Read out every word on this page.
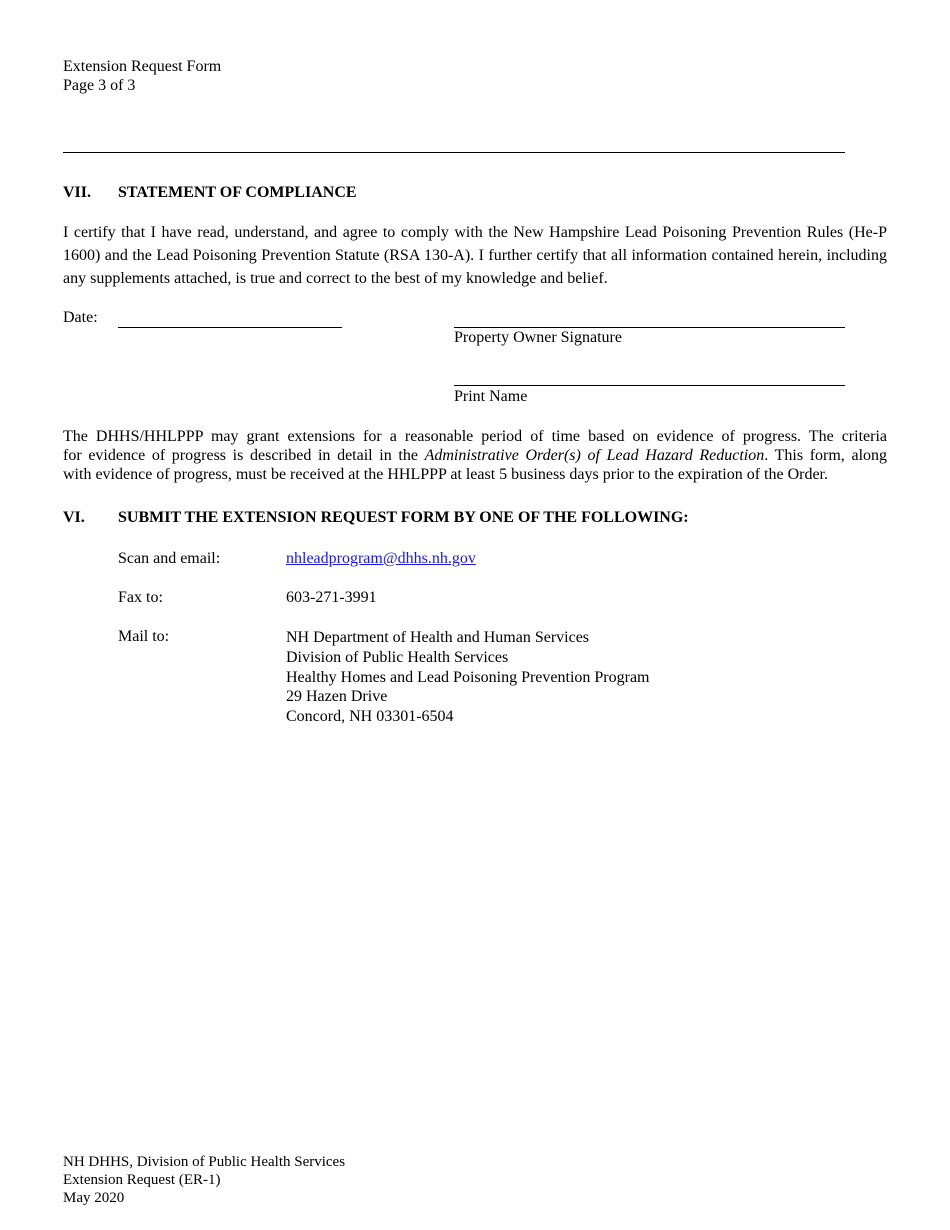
Extension Request Form
Page 3 of 3
VII. STATEMENT OF COMPLIANCE
I certify that I have read, understand, and agree to comply with the New Hampshire Lead Poisoning Prevention Rules (He-P 1600) and the Lead Poisoning Prevention Statute (RSA 130-A). I further certify that all information contained herein, including any supplements attached, is true and correct to the best of my knowledge and belief.
Date:
Property Owner Signature
Print Name
The DHHS/HHLPPP may grant extensions for a reasonable period of time based on evidence of progress. The criteria
for evidence of progress is described in detail in the Administrative Order(s) of Lead Hazard Reduction. This form, along
with evidence of progress, must be received at the HHLPPP at least 5 business days prior to the expiration of the Order.
VI. SUBMIT THE EXTENSION REQUEST FORM BY ONE OF THE FOLLOWING:
Scan and email:	nhleadprogram@dhhs.nh.gov
Fax to:	603-271-3991
Mail to:	NH Department of Health and Human Services
Division of Public Health Services
Healthy Homes and Lead Poisoning Prevention Program
29 Hazen Drive
Concord, NH 03301-6504
NH DHHS, Division of Public Health Services
Extension Request (ER-1)
May 2020
